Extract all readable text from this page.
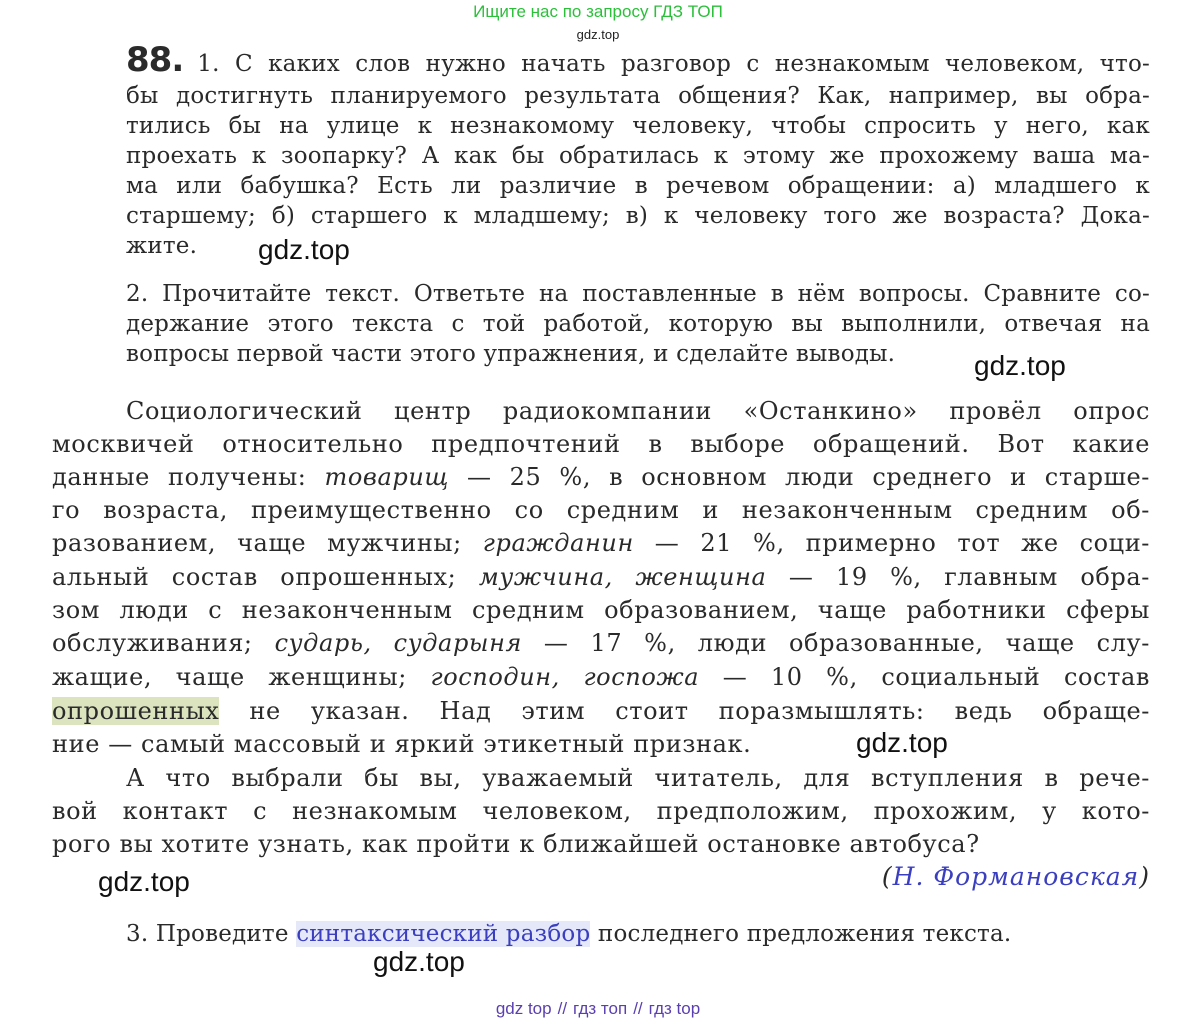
Ищите нас по запросу ГДЗ ТОП
gdz.top
88. 1. С каких слов нужно начать разговор с незнакомым человеком, что-
бы достигнуть планируемого результата общения? Как, например, вы обра-
тились бы на улице к незнакомому человеку, чтобы спросить у него, как
проехать к зоопарку? А как бы обратилась к этому же прохожему ваша ма-
ма или бабушка? Есть ли различие в речевом обращении: а) младшего к
старшему; б) старшего к младшему; в) к человеку того же возраста? Дока-
жите. gdz.top
2. Прочитайте текст. Ответьте на поставленные в нём вопросы. Сравните со-
держание этого текста с той работой, которую вы выполнили, отвечая на
вопросы первой части этого упражнения, и сделайте выводы.	gdz.top
Социологический центр радиокомпании «Останкино» провёл опрос
москвичей относительно предпочтений в выборе обращений. Вот какие
данные получены: товарищ — 25 %, в основном люди среднего и старше-
го возраста, преимущественно со средним и незаконченным средним об-
разованием, чаще мужчины; гражданин — 21 %, примерно тот же соци-
альный состав опрошенных; мужчина, женщина — 19 %, главным обра-
зом люди с незаконченным средним образованием, чаще работники сферы
обслуживания; сударь, сударыня — 17 %, люди образованные, чаще слу-
жащие, чаще женщины; господин, госпожа — 10 %, социальный состав
опрошенных не указан. Над этим стоит поразмышлять: ведь обраще-
ние — самый массовый и яркий этикетный признак.	gdz.top
А что выбрали бы вы, уважаемый читатель, для вступления в рече-
вой контакт с незнакомым человеком, предположим, прохожим, у кото-
рого вы хотите узнать, как пройти к ближайшей остановке автобуса?
gdz.top	(Н. Формановская)
3. Проведите синтаксический разбор последнего предложения текста.
gdz.top
gdz top // гдз топ // гдз top
